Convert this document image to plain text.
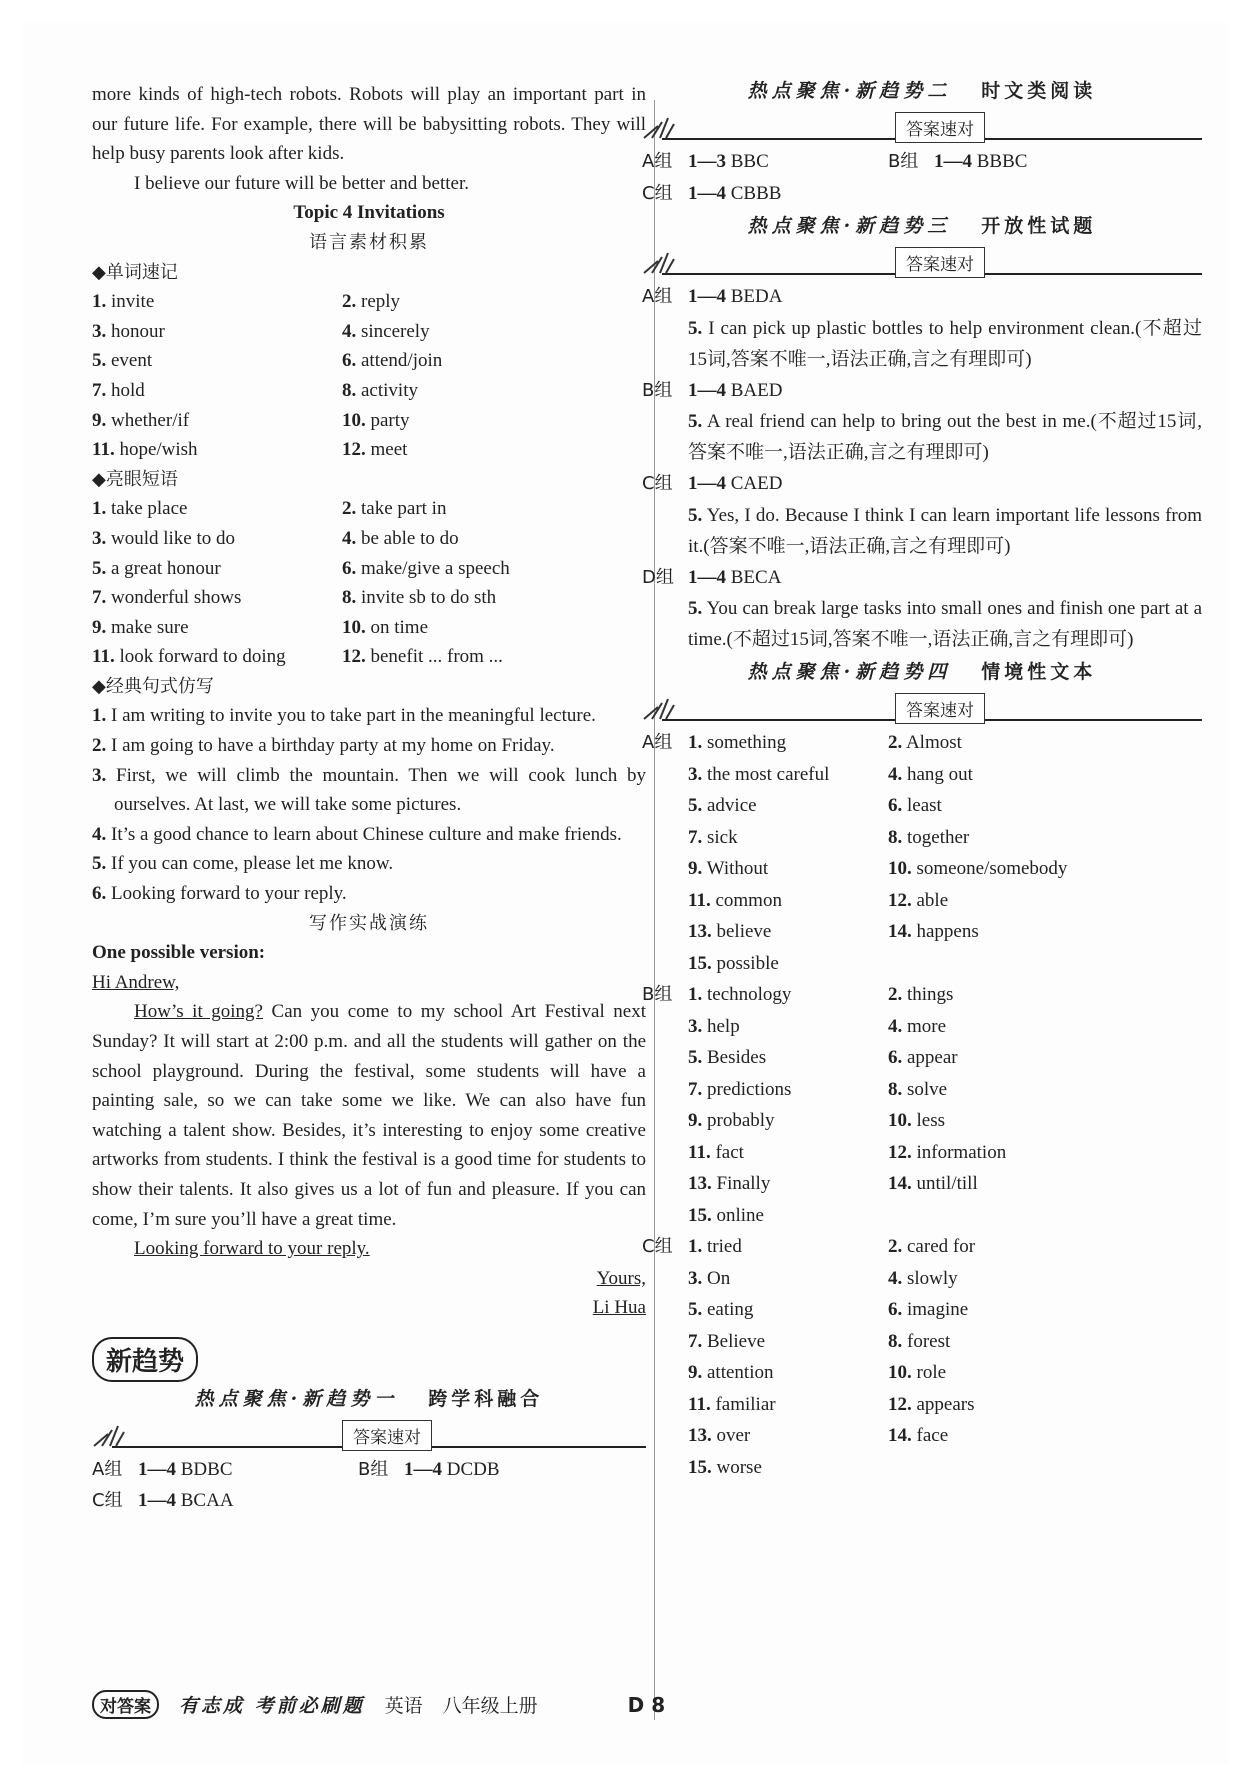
more kinds of high-tech robots. Robots will play an important part in our future life. For example, there will be babysitting robots. They will help busy parents look after kids.

I believe our future will be better and better.

Topic 4 Invitations

语言素材积累
◆单词速记
1. invite	2. reply
3. honour	4. sincerely
5. event	6. attend/join
7. hold	8. activity
9. whether/if	10. party
11. hope/wish	12. meet
◆亮眼短语
1. take place	2. take part in
3. would like to do	4. be able to do
5. a great honour	6. make/give a speech
7. wonderful shows	8. invite sb to do sth
9. make sure	10. on time
11. look forward to doing	12. benefit ... from ...
◆经典句式仿写

1. I am writing to invite you to take part in the meaningful lecture.

2. I am going to have a birthday party at my home on Friday.

3. First, we will climb the mountain. Then we will cook lunch by ourselves. At last, we will take some pictures.

4. It’s a good chance to learn about Chinese culture and make friends.

5. If you can come, please let me know.

6. Looking forward to your reply.

写作实战演练

One possible version:

Hi Andrew,

How’s it going? Can you come to my school Art Festival next Sunday? It will start at 2:00 p.m. and all the students will gather on the school playground. During the festival, some students will have a painting sale, so we can take some we like. We can also have fun watching a talent show. Besides, it’s interesting to enjoy some creative artworks from students. I think the festival is a good time for students to show their talents. It also gives us a lot of fun and pleasure. If you can come, I’m sure you’ll have a great time.

Looking forward to your reply.

Yours,

Li Hua

新趋势
热点聚焦·新趋势一 跨学科融合
答案速对
A组 1—4 BDBC	B组 1—4 DCDB
C组 1—4 BCAA
热点聚焦·新趋势二 时文类阅读
答案速对
A组 1—3 BBC	B组 1—4 BBBC
C组 1—4 CBBB
热点聚焦·新趋势三 开放性试题
答案速对
A组 1—4 BEDA

5. I can pick up plastic bottles to help environment clean.(不超过15词,答案不唯一,语法正确,言之有理即可)

B组 1—4 BAED

5. A real friend can help to bring out the best in me.(不超过15词,答案不唯一,语法正确,言之有理即可)

C组 1—4 CAED

5. Yes, I do. Because I think I can learn important life lessons from it.(答案不唯一,语法正确,言之有理即可)

D组 1—4 BECA

5. You can break large tasks into small ones and finish one part at a time.(不超过15词,答案不唯一,语法正确,言之有理即可)

热点聚焦·新趋势四 情境性文本
答案速对
A组 1. something	2. Almost
3. the most careful	4. hang out
5. advice	6. least
7. sick	8. together
9. Without	10. someone/somebody
11. common	12. able
13. believe	14. happens
15. possible
B组 1. technology	2. things
3. help	4. more
5. Besides	6. appear
7. predictions	8. solve
9. probably	10. less
11. fact	12. information
13. Finally	14. until/till
15. online
C组 1. tried	2. cared for
3. On	4. slowly
5. eating	6. imagine
7. Believe	8. forest
9. attention	10. role
11. familiar	12. appears
13. over	14. face
15. worse
对答案	有志成 考前必刷题 英语 八年级上册	D 8
